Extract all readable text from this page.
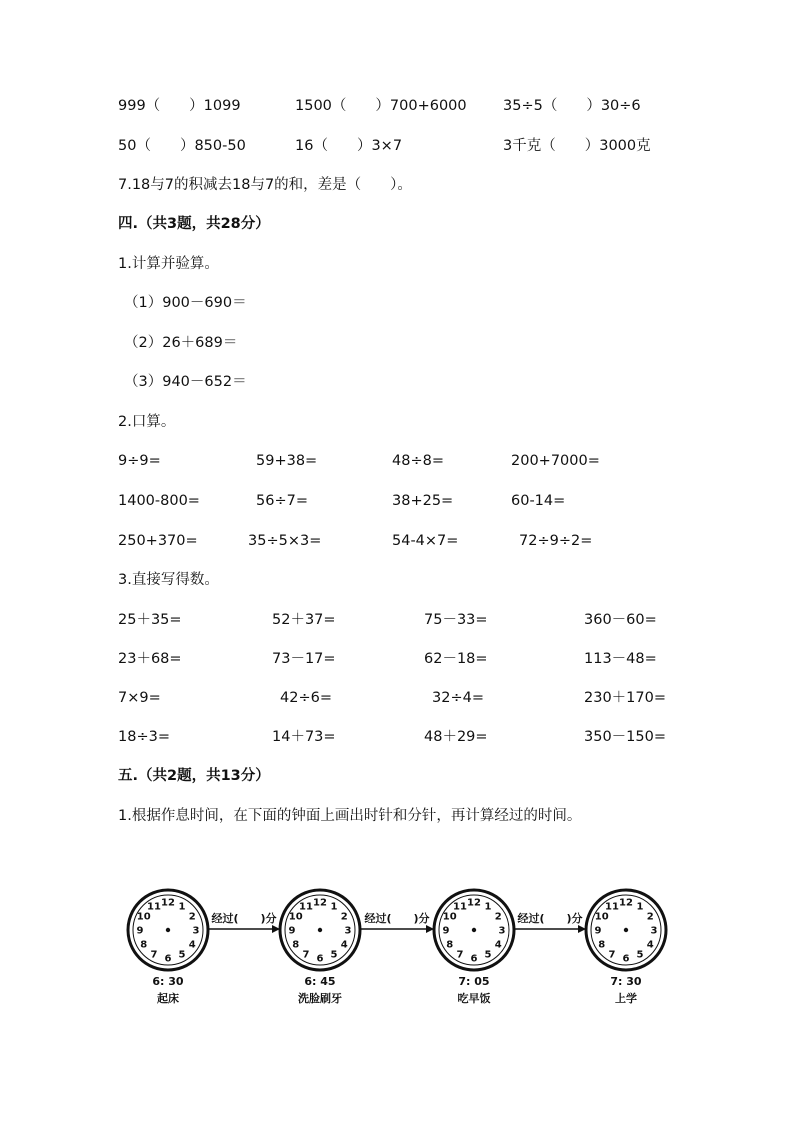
999（　　）1099	1500（　　）700+6000	35÷5（　　）30÷6
50（　　）850-50	16（　　）3×7	3千克（　　）3000克
7.18与7的积减去18与7的和，差是（　　）。
四.（共3题，共28分）
1.计算并验算。
（1）900－690＝
（2）26＋689＝
（3）940－652＝
2.口算。
9÷9=	59+38=	48÷8=	200+7000=
1400-800=	56÷7=	38+25=	60-14=
250+370=	35÷5×3=	54-4×7=	72÷9÷2=
3.直接写得数。
25＋35=	52＋37=	75－33=	360－60=
23＋68=	73－17=	62－18=	113－48=
7×9=	42÷6=	32÷4=	230＋170=
18÷3=	14＋73=	48＋29=	350－150=
五.（共2题，共13分）
1.根据作息时间，在下面的钟面上画出时针和分针，再计算经过的时间。
12 1
2
3
4
5
6
7
8
9
10
11
6: 30
起床
12 1
2
3
4
5
6
7
8
9
10
11
6: 45
洗脸刷牙
12 1
2
3
4
5
6
7
8
9
10
11
7: 05
吃早饭
12 1
2
3
4
5
6
7
8
9
10
11
7: 30
上学
经过(　　)分	经过(　　)分	经过(　　)分
